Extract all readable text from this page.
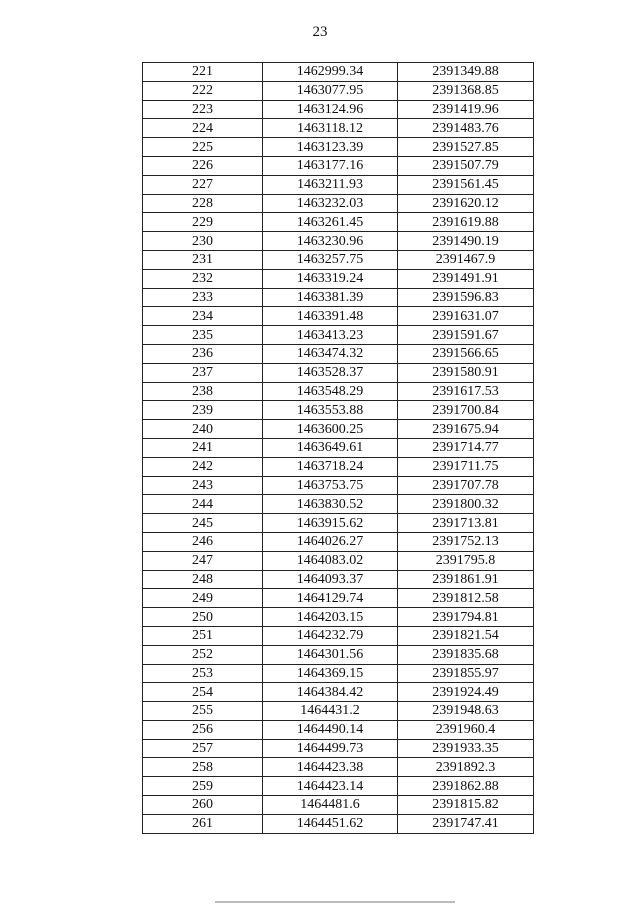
23
221	1462999.34	2391349.88
222	1463077.95	2391368.85
223	1463124.96	2391419.96
224	1463118.12	2391483.76
225	1463123.39	2391527.85
226	1463177.16	2391507.79
227	1463211.93	2391561.45
228	1463232.03	2391620.12
229	1463261.45	2391619.88
230	1463230.96	2391490.19
231	1463257.75	2391467.9
232	1463319.24	2391491.91
233	1463381.39	2391596.83
234	1463391.48	2391631.07
235	1463413.23	2391591.67
236	1463474.32	2391566.65
237	1463528.37	2391580.91
238	1463548.29	2391617.53
239	1463553.88	2391700.84
240	1463600.25	2391675.94
241	1463649.61	2391714.77
242	1463718.24	2391711.75
243	1463753.75	2391707.78
244	1463830.52	2391800.32
245	1463915.62	2391713.81
246	1464026.27	2391752.13
247	1464083.02	2391795.8
248	1464093.37	2391861.91
249	1464129.74	2391812.58
250	1464203.15	2391794.81
251	1464232.79	2391821.54
252	1464301.56	2391835.68
253	1464369.15	2391855.97
254	1464384.42	2391924.49
255	1464431.2	2391948.63
256	1464490.14	2391960.4
257	1464499.73	2391933.35
258	1464423.38	2391892.3
259	1464423.14	2391862.88
260	1464481.6	2391815.82
261	1464451.62	2391747.41
